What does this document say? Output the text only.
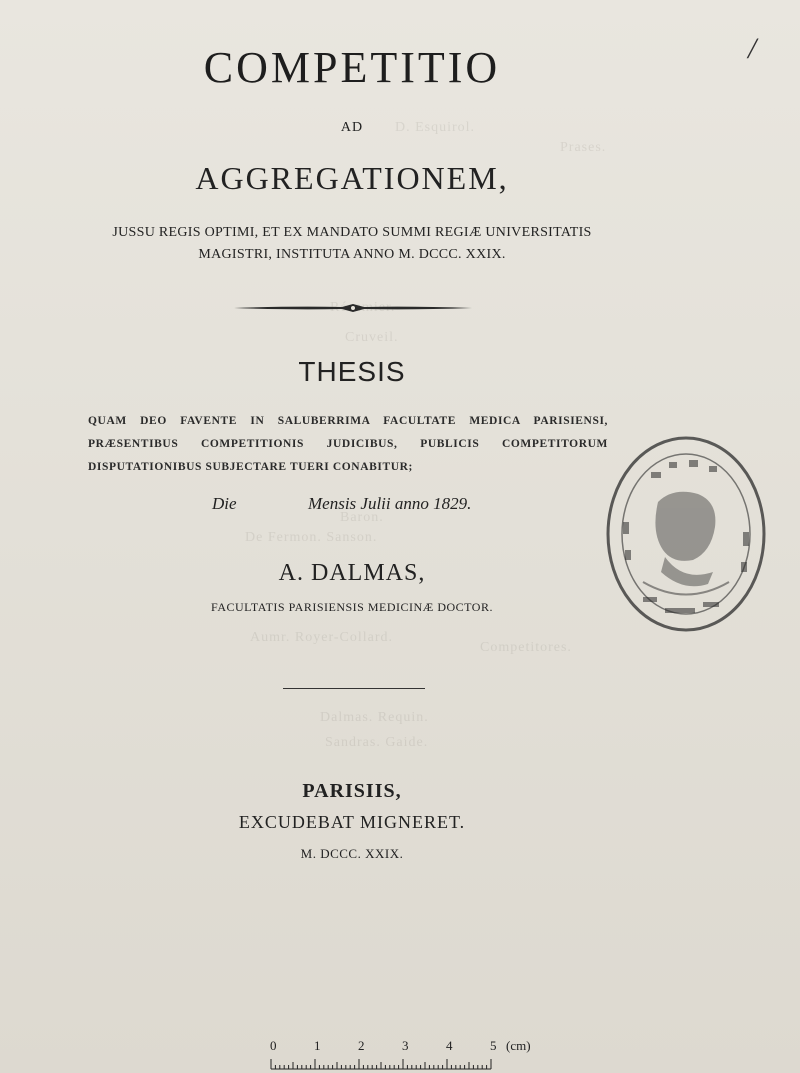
Prases.
D. Esquirol.
Cruveil.
Baron.
De Fermon. Sanson.
Competitores.
Aumr. Royer-Collard.
Dalmas. Requin.
Sandras. Gaide.
COMPETITIO
AD
AGGREGATIONEM,
JUSSU REGIS OPTIMI, ET EX MANDATO SUMMI REGIÆ UNIVERSITATIS
MAGISTRI, INSTITUTA ANNO M. DCCC. XXIX.
THESIS
QUAM DEO FAVENTE IN SALUBERRIMA FACULTATE MEDICA PARISIENSI, PRÆSENTIBUS COMPETITIONIS JUDICIBUS, PUBLICIS COMPETITORUM DISPUTATIONIBUS SUBJECTARE TUERI CONABITUR;
Die	Mensis Julii anno 1829.
A. DALMAS,
FACULTATIS PARISIENSIS MEDICINÆ DOCTOR.
PARISIIS,
EXCUDEBAT MIGNERET.
M. DCCC. XXIX.
/
0	1	2	3	4	5 (cm)
